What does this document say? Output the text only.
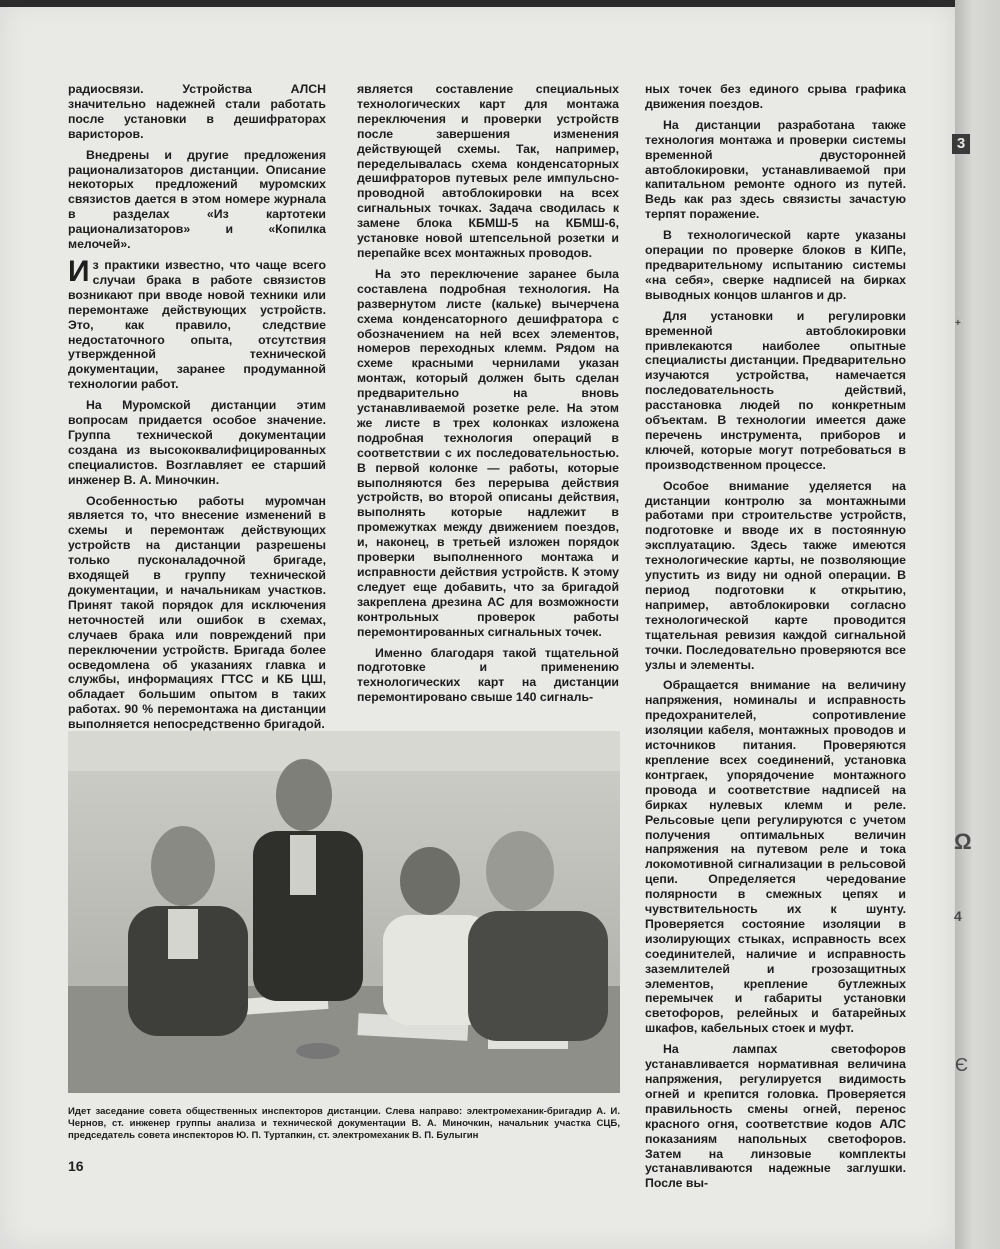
радиосвязи. Устройства АЛСН значительно надежней стали работать после установки в дешифраторах варисторов.

Внедрены и другие предложения рационализаторов дистанции. Описание некоторых предложений муромских связистов дается в этом номере журнала в разделах «Из картотеки рационализаторов» и «Копилка мелочей».

Из практики известно, что чаще всего случаи брака в работе связистов возникают при вводе новой техники или перемонтаже действующих устройств. Это, как правило, следствие недостаточного опыта, отсутствия утвержденной технической документации, заранее продуманной технологии работ.

На Муромской дистанции этим вопросам придается особое значение. Группа технической документации создана из высококвалифицированных специалистов. Возглавляет ее старший инженер В. А. Миночкин.

Особенностью работы муромчан является то, что внесение изменений в схемы и перемонтаж действующих устройств на дистанции разрешены только пусконаладочной бригаде, входящей в группу технической документации, и начальникам участков. Принят такой порядок для исключения неточностей или ошибок в схемах, случаев брака или повреждений при переключении устройств. Бригада более осведомлена об указаниях главка и службы, информациях ГТСС и КБ ЦШ, обладает большим опытом в таких работах. 90 % перемонтажа на дистанции выполняется непосредственно бригадой.

является составление специальных технологических карт для монтажа переключения и проверки устройств после завершения изменения действующей схемы. Так, например, переделывалась схема конденсаторных дешифраторов путевых реле импульсно-проводной автоблокировки на всех сигнальных точках. Задача сводилась к замене блока КБМШ-5 на КБМШ-6, установке новой штепсельной розетки и перепайке всех монтажных проводов.

На это переключение заранее была составлена подробная технология. На развернутом листе (кальке) вычерчена схема конденсаторного дешифратора с обозначением на ней всех элементов, номеров переходных клемм. Рядом на схеме красными чернилами указан монтаж, который должен быть сделан предварительно на вновь устанавливаемой розетке реле. На этом же листе в трех колонках изложена подробная технология операций в соответствии с их последовательностью. В первой колонке — работы, которые выполняются без перерыва действия устройств, во второй описаны действия, выполнять которые надлежит в промежутках между движением поездов, и, наконец, в третьей изложен порядок проверки выполненного монтажа и исправности действия устройств. К этому следует еще добавить, что за бригадой закреплена дрезина АС для возможности контрольных проверок работы перемонтированных сигнальных точек.

Именно благодаря такой тщательной подготовке и применению технологических карт на дистанции перемонтировано свыше 140 сигналь-

ных точек без единого срыва графика движения поездов.

На дистанции разработана также технология монтажа и проверки системы временной двусторонней автоблокировки, устанавливаемой при капитальном ремонте одного из путей. Ведь как раз здесь связисты зачастую терпят поражение.

В технологической карте указаны операции по проверке блоков в КИПе, предварительному испытанию системы «на себя», сверке надписей на бирках выводных концов шлангов и др.

Для установки и регулировки временной автоблокировки привлекаются наиболее опытные специалисты дистанции. Предварительно изучаются устройства, намечается последовательность действий, расстановка людей по конкретным объектам. В технологии имеется даже перечень инструмента, приборов и ключей, которые могут потребоваться в производственном процессе.

Особое внимание уделяется на дистанции контролю за монтажными работами при строительстве устройств, подготовке и вводе их в постоянную эксплуатацию. Здесь также имеются технологические карты, не позволяющие упустить из виду ни одной операции. В период подготовки к открытию, например, автоблокировки согласно технологической карте проводится тщательная ревизия каждой сигнальной точки. Последовательно проверяются все узлы и элементы.

Обращается внимание на величину напряжения, номиналы и исправность предохранителей, сопротивление изоляции кабеля, монтажных проводов и источников питания. Проверяются крепление всех соединений, установка контргаек, упорядочение монтажного провода и соответствие надписей на бирках нулевых клемм и реле. Рельсовые цепи регулируются с учетом получения оптимальных величин напряжения на путевом реле и тока локомотивной сигнализации в рельсовой цепи. Определяется чередование полярности в смежных цепях и чувствительность их к шунту. Проверяется состояние изоляции в изолирующих стыках, исправность всех соединителей, наличие и исправность заземлителей и грозозащитных элементов, крепление бутлежных перемычек и габариты установки светофоров, релейных и батарейных шкафов, кабельных стоек и муфт.

На лампах светофоров устанавливается нормативная величина напряжения, регулируется видимость огней и крепится головка. Проверяется правильность смены огней, перенос красного огня, соответствие кодов АЛС показаниям напольных светофоров. Затем на линзовые комплекты устанавливаются надежные заглушки. После вы-

Идет заседание совета общественных инспекторов дистанции. Слева направо: электромеханик-бригадир А. И. Чернов, ст. инженер группы анализа и технической документации В. А. Миночкин, начальник участка СЦБ, председатель совета инспекторов Ю. П. Туртапкин, ст. электромеханик В. П. Булыгин
16
3
+
Ω
4
Є
